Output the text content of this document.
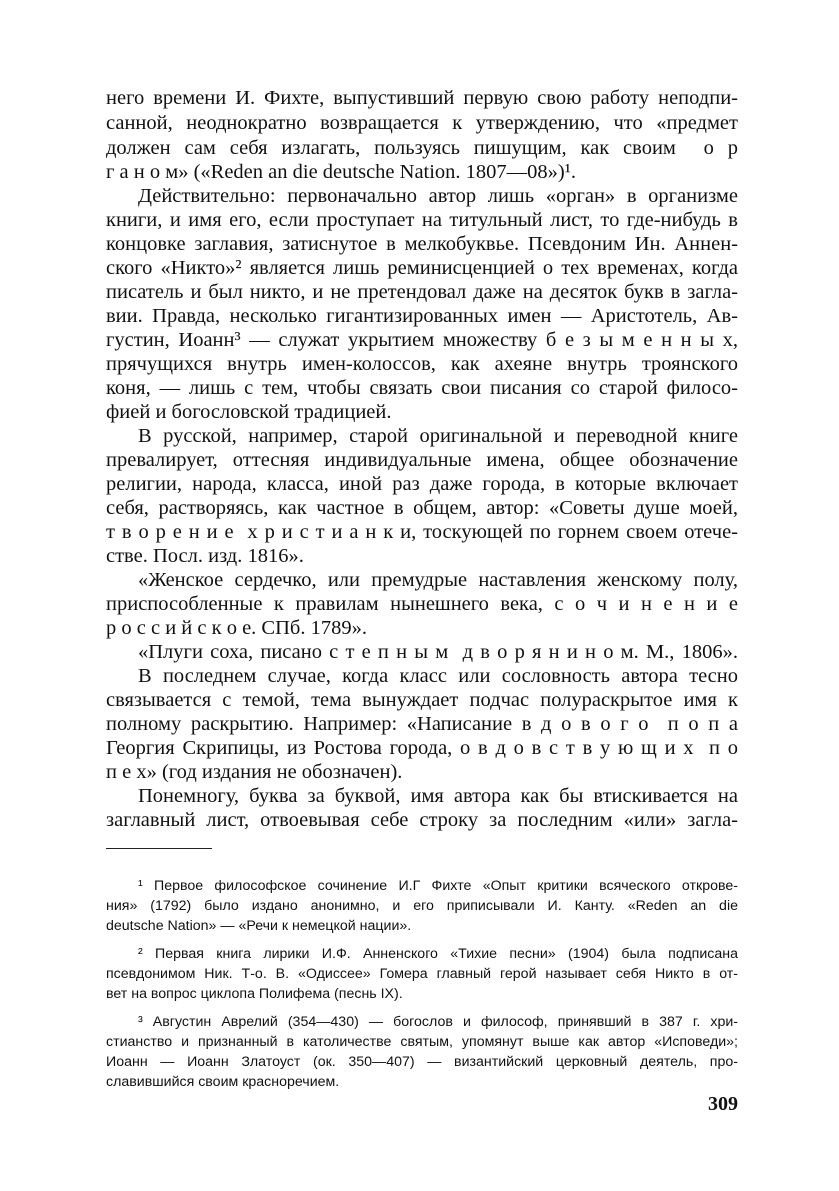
него времени И. Фихте, выпустивший первую свою работу неподпи-
санной, неоднократно возвращается к утверждению, что «предмет
должен сам себя излагать, пользуясь пишущим, как своим  о р
г а н о м» («Reden an die deutsche Nation. 1807—08»)¹.
Действительно: первоначально автор лишь «орган» в организме
книги, и имя его, если проступает на титульный лист, то где-нибудь в
концовке заглавия, затиснутое в мелкобуквье. Псевдоним Ин. Аннен-
ского «Никто»² является лишь реминисценцией о тех временах, когда
писатель и был никто, и не претендовал даже на десяток букв в загла-
вии. Правда, несколько гигантизированных имен — Аристотель, Ав-
густин, Иоанн³ — служат укрытием множеству б е з ы м е н н ы х,
прячущихся внутрь имен-колоссов, как ахеяне внутрь троянского
коня, — лишь с тем, чтобы связать свои писания со старой филосо-
фией и богословской традицией.
В русской, например, старой оригинальной и переводной книге
превалирует, оттесняя индивидуальные имена, общее обозначение
религии, народа, класса, иной раз даже города, в которые включает
себя, растворяясь, как частное в общем, автор: «Советы душе моей,
т в о р е н и е  х р и с т и а н к и, тоскующей по горнем своем отече-
стве. Посл. изд. 1816».
«Женское сердечко, или премудрые наставления женскому полу,
приспособленные к правилам нынешнего века, с о ч и н е н и е
р о с с и й с к о е. СПб. 1789».
«Плуги соха, писано с т е п н ы м  д в о р я н и н о м. М., 1806».
В последнем случае, когда класс или сословность автора тесно
связывается с темой, тема вынуждает подчас полураскрытое имя к
полному раскрытию. Например: «Написание в д о в о г о  п о п а
Георгия Скрипицы, из Ростова города, о в д о в с т в у ю щ и х  п о
п е х» (год издания не обозначен).
Понемногу, буква за буквой, имя автора как бы втискивается на
заглавный лист, отвоевывая себе строку за последним «или» загла-
¹ Первое философское сочинение И.Г Фихте «Опыт критики всяческого открове-
ния» (1792) было издано анонимно, и его приписывали И. Канту. «Reden an die
deutsche Nation» — «Речи к немецкой нации».
² Первая книга лирики И.Ф. Анненского «Тихие песни» (1904) была подписана
псевдонимом Ник. Т-о. В. «Одиссее» Гомера главный герой называет себя Никто в от-
вет на вопрос циклопа Полифема (песнь IX).
³ Августин Аврелий (354—430) — богослов и философ, принявший в 387 г. хри-
стианство и признанный в католичестве святым, упомянут выше как автор «Исповеди»;
Иоанн — Иоанн Златоуст (ок. 350—407) — византийский церковный деятель, про-
славившийся своим красноречием.
309
